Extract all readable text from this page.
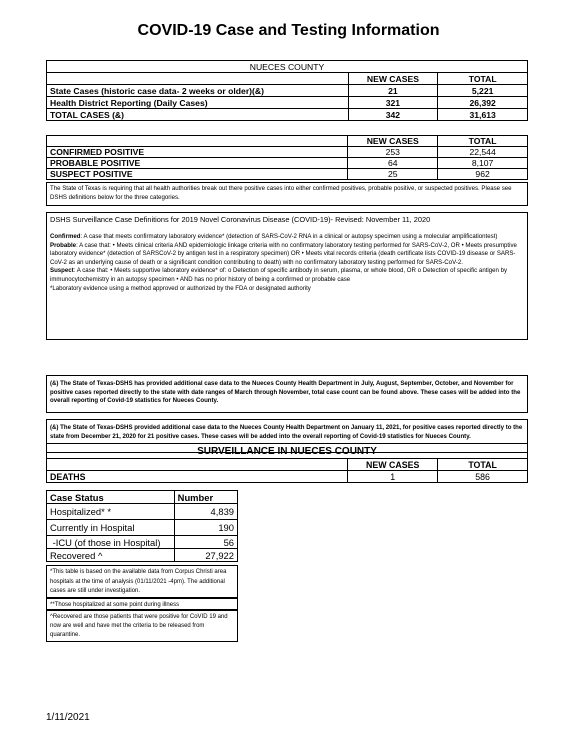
COVID-19 Case and Testing Information
NUECES COUNTY		
	NEW CASES	TOTAL
State Cases (historic case data- 2 weeks or older)(&)	21	5,221
Health District Reporting (Daily Cases)	321	26,392
TOTAL CASES (&)	342	31,613
	NEW CASES	TOTAL
CONFIRMED POSITIVE	253	22,544
PROBABLE POSITIVE	64	8,107
SUSPECT POSITIVE	25	962

The State of Texas is requiring that all health authorities break out there positive cases into either confirmed positives, probable positive, or suspected positives. Please see DSHS definitions below for the three categories.

DSHS Surveillance Case Definitions for 2019 Novel Coronavirus Disease (COVID-19)- Revised: November 11, 2020

Confirmed: A case that meets confirmatory laboratory evidence* (detection of SARS-CoV-2 RNA in a clinical or autopsy specimen using a molecular amplificationtest)

Probable: A case that: • Meets clinical criteria AND epidemiologic linkage criteria with no confirmatory laboratory testing performed for SARS-CoV-2, OR • Meets presumptive laboratory evidence* (detection of SARSCoV-2 by antigen test in a respiratory specimen) OR • Meets vital records criteria (death certificate lists COVID-19 disease or SARS-CoV-2 as an underlying cause of death or a significant condition contributing to death) with no confirmatory laboratory testing performed for SARS-CoV-2.

Suspect: A case that: • Meets supportive laboratory evidence* of: o Detection of specific antibody in serum, plasma, or whole blood, OR o Detection of specific antigen by immunocytochemistry in an autopsy specimen • AND has no prior history of being a confirmed or probable case

*Laboratory evidence using a method approved or authorized by the FDA or designated authority

(&) The State of Texas-DSHS has provided additional case data to the Nueces County Health Department in July, August, September, October, and November for positive cases reported directly to the state with date ranges of March through November, total case count can be found above. These cases will be added into the overall reporting of Covid-19 statistics for Nueces County.

(&) The State of Texas-DSHS provided additional case data to the Nueces County Health Department on January 11, 2021, for positive cases reported directly to the state from December 21, 2020 for 21 positive cases. These cases will be added into the overall reporting of Covid-19 statistics for Nueces County.

SURVEILLANCE IN NUECES COUNTY		
	NEW CASES	TOTAL
DEATHS	1	586
Case Status	Number
Hospitalized* *	4,839
Currently in Hospital	190
-ICU (of those in Hospital)	56
Recovered ^	27,922

*This table is based on the available data from Corpus Christi area hospitals at the time of analysis (01/11/2021 -4pm). The additional cases are still under investigation.

**Those hospitalized at some point during illness

^Recovered are those patients that were positive for CoVID 19 and now are well and have met the criteria to be released from quarantine.

1/11/2021
